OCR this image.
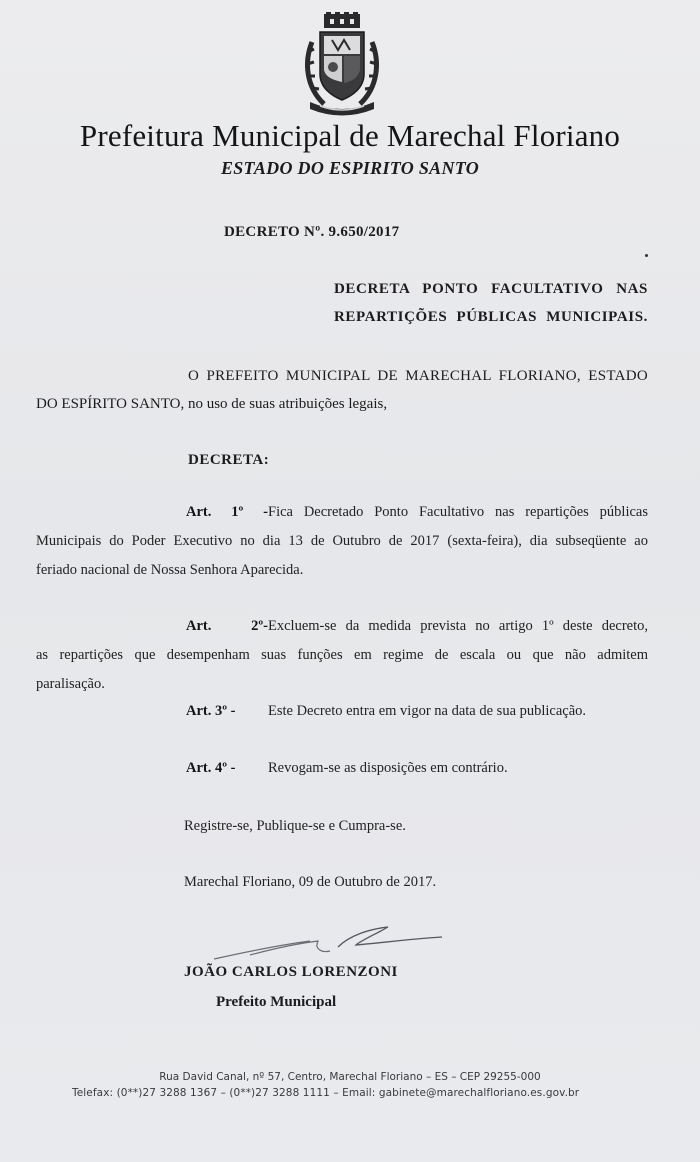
Prefeitura Municipal de Marechal Floriano
ESTADO DO ESPIRITO SANTO
DECRETO Nº. 9.650/2017
DECRETA PONTO FACULTATIVO NAS
REPARTIÇÕES PÚBLICAS MUNICIPAIS.
O PREFEITO MUNICIPAL DE MARECHAL FLORIANO, ESTADO
DO ESPÍRITO SANTO, no uso de suas atribuições legais,
DECRETA:
Art. 1º -Fica Decretado Ponto Facultativo nas repartições públicas
Municipais do Poder Executivo no dia 13 de Outubro de 2017 (sexta-feira), dia subseqüente ao
feriado nacional de Nossa Senhora Aparecida.
Art. 2º-Excluem-se da medida prevista no artigo 1º deste decreto,
as repartições que desempenham suas funções em regime de escala ou que não admitem
paralisação.
Art. 3º - Este Decreto entra em vigor na data de sua publicação.
Art. 4º - Revogam-se as disposições em contrário.
Registre-se, Publique-se e Cumpra-se.
Marechal Floriano, 09 de Outubro de 2017.
JOÃO CARLOS LORENZONI
Prefeito Municipal
Rua David Canal, nº 57, Centro, Marechal Floriano – ES – CEP 29255-000
Telefax: (0**)27 3288 1367 – (0**)27 3288 1111 – Email: gabinete@marechalfloriano.es.gov.br
